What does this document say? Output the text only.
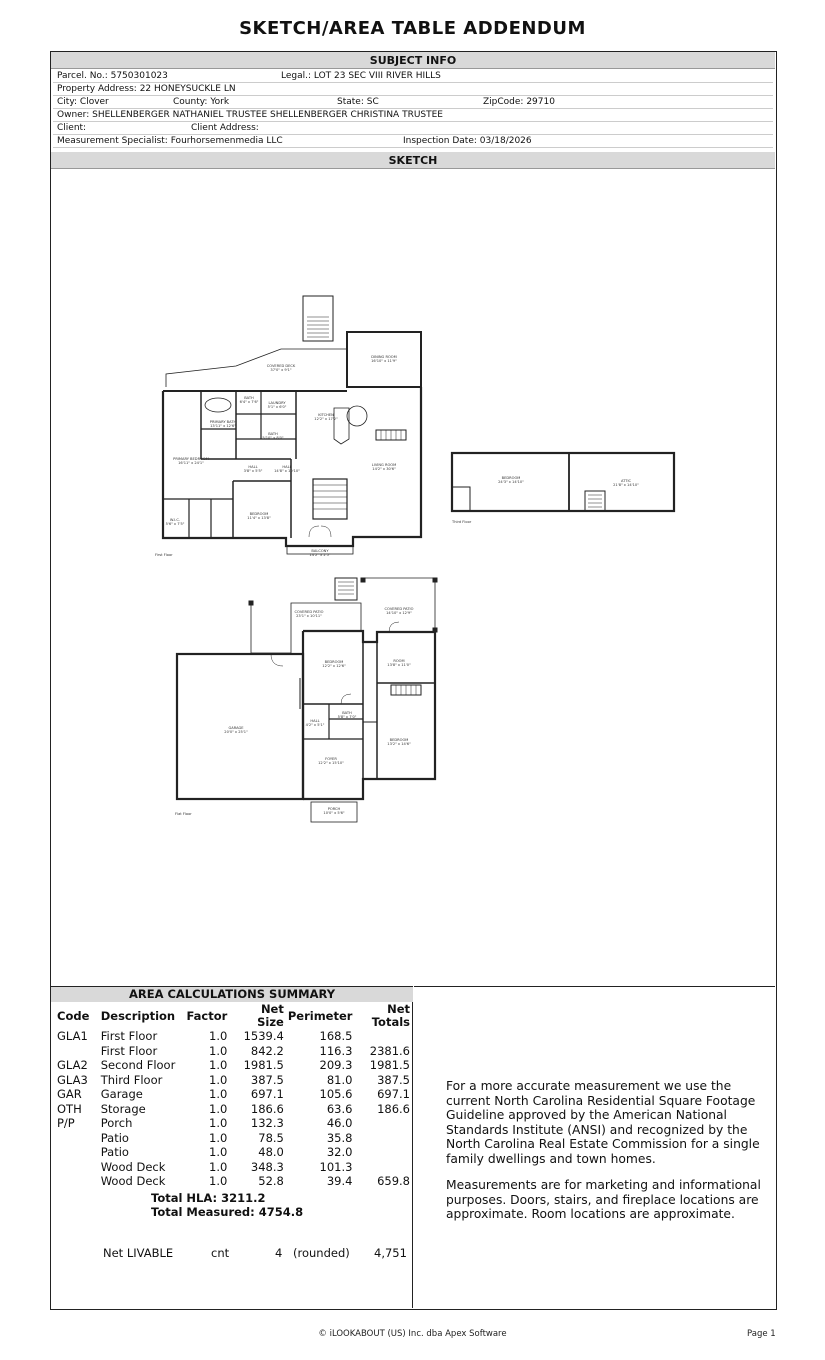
SKETCH/AREA TABLE ADDENDUM
SUBJECT INFO
Parcel. No.: 5750301023	Legal.: LOT 23 SEC VIII RIVER HILLS
Property Address: 22 HONEYSUCKLE LN
City: Clover	County: York	State: SC	ZipCode: 29710
Owner: SHELLENBERGER NATHANIEL TRUSTEE SHELLENBERGER CHRISTINA TRUSTEE
Client:	Client Address:
Measurement Specialist: Fourhorsemenmedia LLC	Inspection Date: 03/18/2026
SKETCH
COVERED DECK
37'0" x 9'1"
DINING ROOM
16'10" x 11'9"
KITCHEN
12'2" x 17'2"
LAUNDRY
5'1" x 6'0"
BATH
6'4" x 7'6"
PRIMARY BATH
13'11" x 12'6"
PRIMARY BEDROOM
16'11" x 24'1"
BATH
5'10" x 8'0"
HALL
3'8" x 5'5"
HALL
14'8" x 10'10"
LIVING ROOM
14'2" x 30'6"
BEDROOM
11'4" x 13'8"
W.I.C.
5'6" x 7'5"
BALCONY
14'2" x 2'5"
First Floor
BEDROOM
24'3" x 14'10"	ATTIC
21'8" x 14'10"
Third Floor
COVERED PATIO
23'1" x 10'11"
COVERED PATIO
14'10" x 12'9"
BEDROOM
12'2" x 12'6"
ROOM
13'8" x 11'0"
BATH
5'8" x 7'0"
HALL
4'2" x 5'1"
GARAGE
20'0" x 25'1"
BEDROOM
13'2" x 14'6"
FOYER
12'2" x 15'10"
PORCH
10'0" x 5'6"
Flat Floor
AREA CALCULATIONS SUMMARY
Code	Description	Factor	Net Size	Perimeter	Net Totals
GLA1	First Floor	1.0	1539.4	168.5	
	First Floor	1.0	842.2	116.3	2381.6
GLA2	Second Floor	1.0	1981.5	209.3	1981.5
GLA3	Third Floor	1.0	387.5	81.0	387.5
GAR	Garage	1.0	697.1	105.6	697.1
OTH	Storage	1.0	186.6	63.6	186.6
P/P	Porch	1.0	132.3	46.0	
	Patio	1.0	78.5	35.8	
	Patio	1.0	48.0	32.0	
	Wood Deck	1.0	348.3	101.3	
	Wood Deck	1.0	52.8	39.4	659.8
Total HLA: 3211.2
Total Measured: 4754.8
Net LIVABLE	cnt	4 (rounded) 4,751
For a more accurate measurement we use the current North Carolina Residential Square Footage Guideline approved by the American National Standards Institute (ANSI) and recognized by the North Carolina Real Estate Commission for a single family dwellings and town homes.
Measurements are for marketing and informational purposes. Doors, stairs, and fireplace locations are approximate. Room locations are approximate.
© iLOOKABOUT (US) Inc. dba Apex Software	Page 1
